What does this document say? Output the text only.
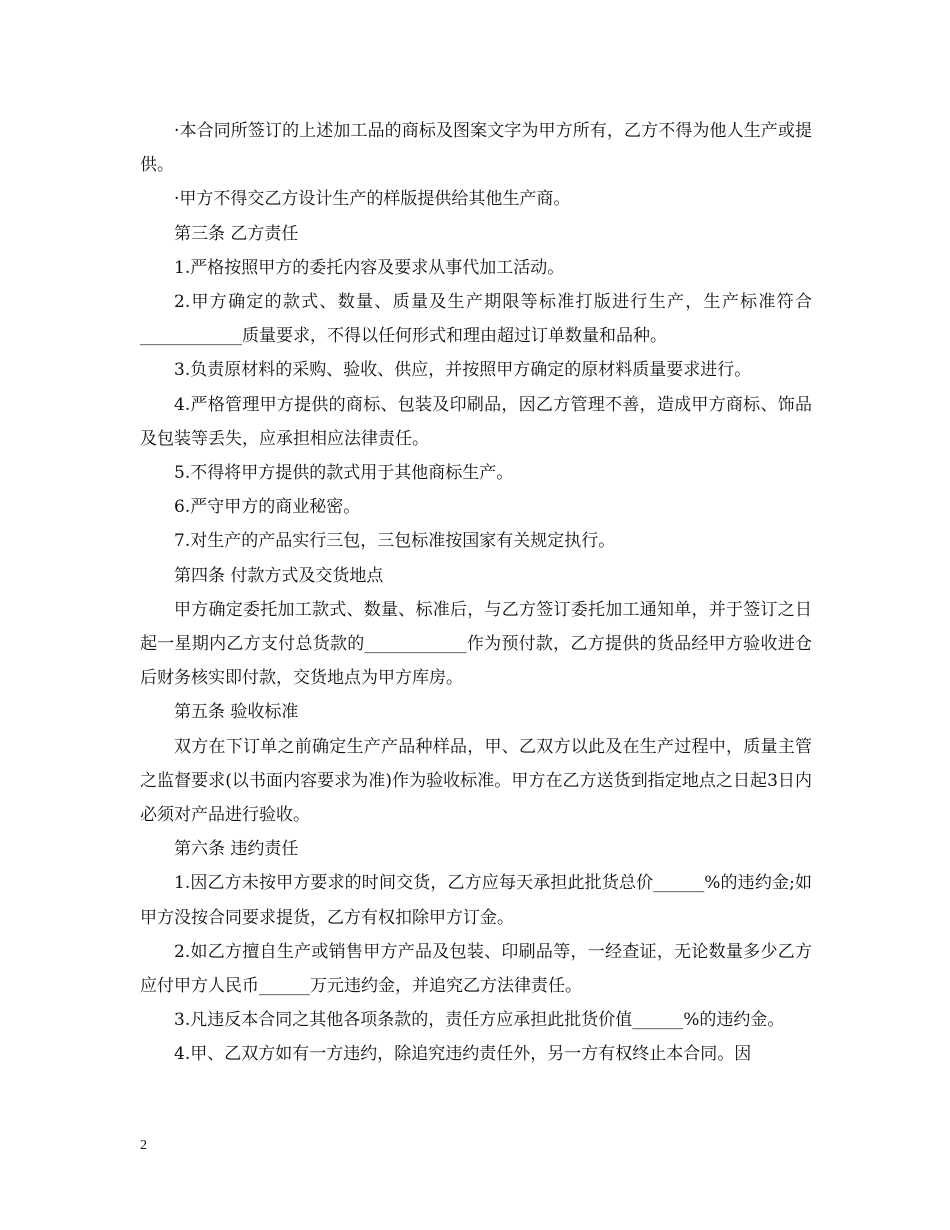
·本合同所签订的上述加工品的商标及图案文字为甲方所有，乙方不得为他人生产或提供。

·甲方不得交乙方设计生产的样版提供给其他生产商。

第三条 乙方责任

1.严格按照甲方的委托内容及要求从事代加工活动。

2.甲方确定的款式、数量、质量及生产期限等标准打版进行生产，生产标准符合____________质量要求，不得以任何形式和理由超过订单数量和品种。

3.负责原材料的采购、验收、供应，并按照甲方确定的原材料质量要求进行。

4.严格管理甲方提供的商标、包装及印刷品，因乙方管理不善，造成甲方商标、饰品及包装等丢失，应承担相应法律责任。

5.不得将甲方提供的款式用于其他商标生产。

6.严守甲方的商业秘密。

7.对生产的产品实行三包，三包标准按国家有关规定执行。

第四条 付款方式及交货地点

甲方确定委托加工款式、数量、标准后，与乙方签订委托加工通知单，并于签订之日起一星期内乙方支付总货款的____________作为预付款，乙方提供的货品经甲方验收进仓后财务核实即付款，交货地点为甲方库房。

第五条 验收标准

双方在下订单之前确定生产产品种样品，甲、乙双方以此及在生产过程中，质量主管之监督要求(以书面内容要求为准)作为验收标准。甲方在乙方送货到指定地点之日起3日内必须对产品进行验收。

第六条 违约责任

1.因乙方未按甲方要求的时间交货，乙方应每天承担此批货总价______%的违约金;如甲方没按合同要求提货，乙方有权扣除甲方订金。

2.如乙方擅自生产或销售甲方产品及包装、印刷品等，一经查证，无论数量多少乙方应付甲方人民币______万元违约金，并追究乙方法律责任。

3.凡违反本合同之其他各项条款的，责任方应承担此批货价值______%的违约金。

4.甲、乙双方如有一方违约，除追究违约责任外，另一方有权终止本合同。因

2
